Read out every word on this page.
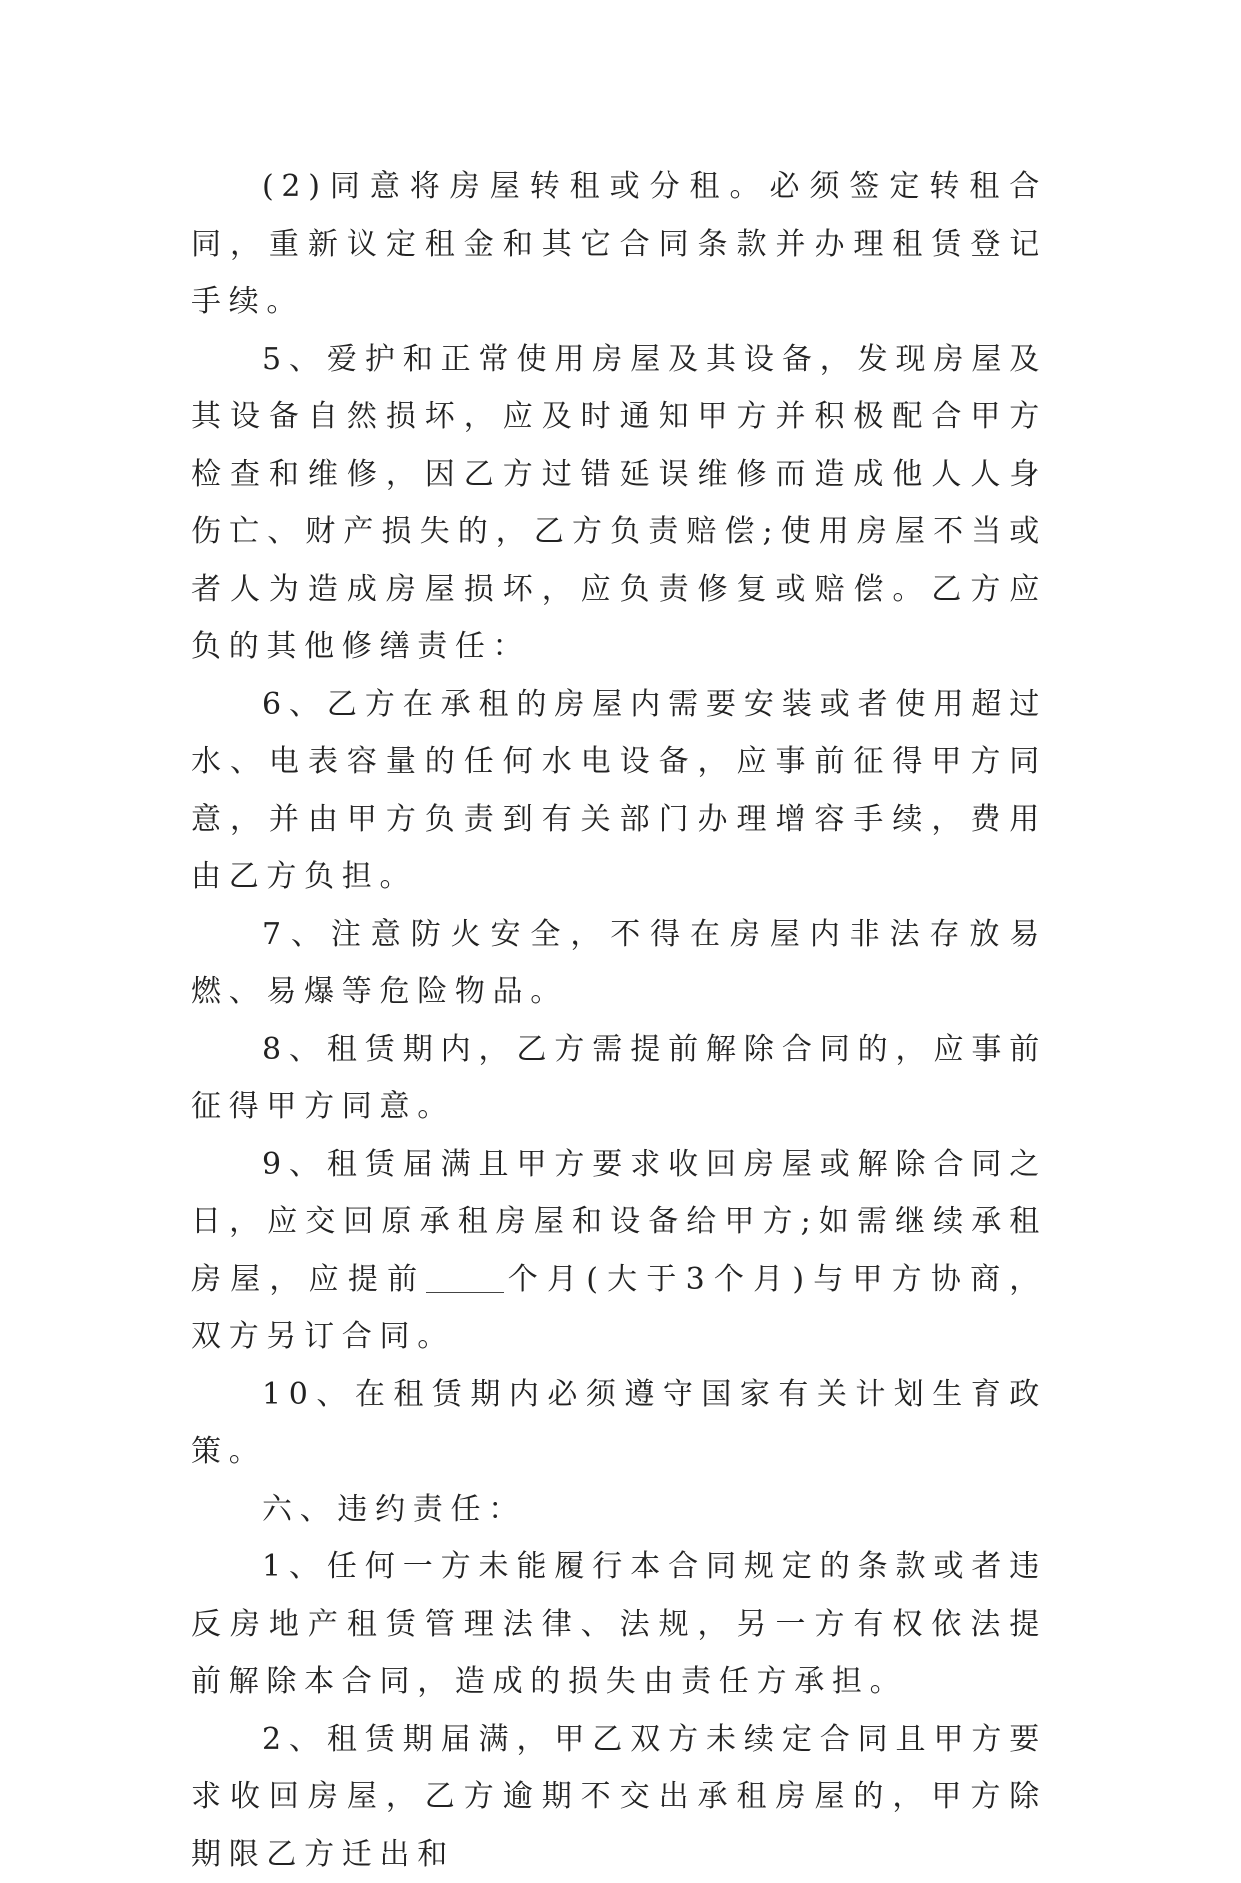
(2)同意将房屋转租或分租。必须签定转租合同，重新议定租金和其它合同条款并办理租赁登记手续。

5、爱护和正常使用房屋及其设备，发现房屋及其设备自然损坏，应及时通知甲方并积极配合甲方检查和维修，因乙方过错延误维修而造成他人人身伤亡、财产损失的，乙方负责赔偿;使用房屋不当或者人为造成房屋损坏，应负责修复或赔偿。乙方应负的其他修缮责任：

6、乙方在承租的房屋内需要安装或者使用超过水、电表容量的任何水电设备，应事前征得甲方同意，并由甲方负责到有关部门办理增容手续，费用由乙方负担。

7、注意防火安全，不得在房屋内非法存放易燃、易爆等危险物品。

8、租赁期内，乙方需提前解除合同的，应事前征得甲方同意。

9、租赁届满且甲方要求收回房屋或解除合同之日，应交回原承租房屋和设备给甲方;如需继续承租房屋，应提前	个月(大于3个月)与甲方协商，双方另订合同。

10、在租赁期内必须遵守国家有关计划生育政策。

六、违约责任：

1、任何一方未能履行本合同规定的条款或者违反房地产租赁管理法律、法规，另一方有权依法提前解除本合同，造成的损失由责任方承担。

2、租赁期届满，甲乙双方未续定合同且甲方要求收回房屋，乙方逾期不交出承租房屋的，甲方除期限乙方迁出和
